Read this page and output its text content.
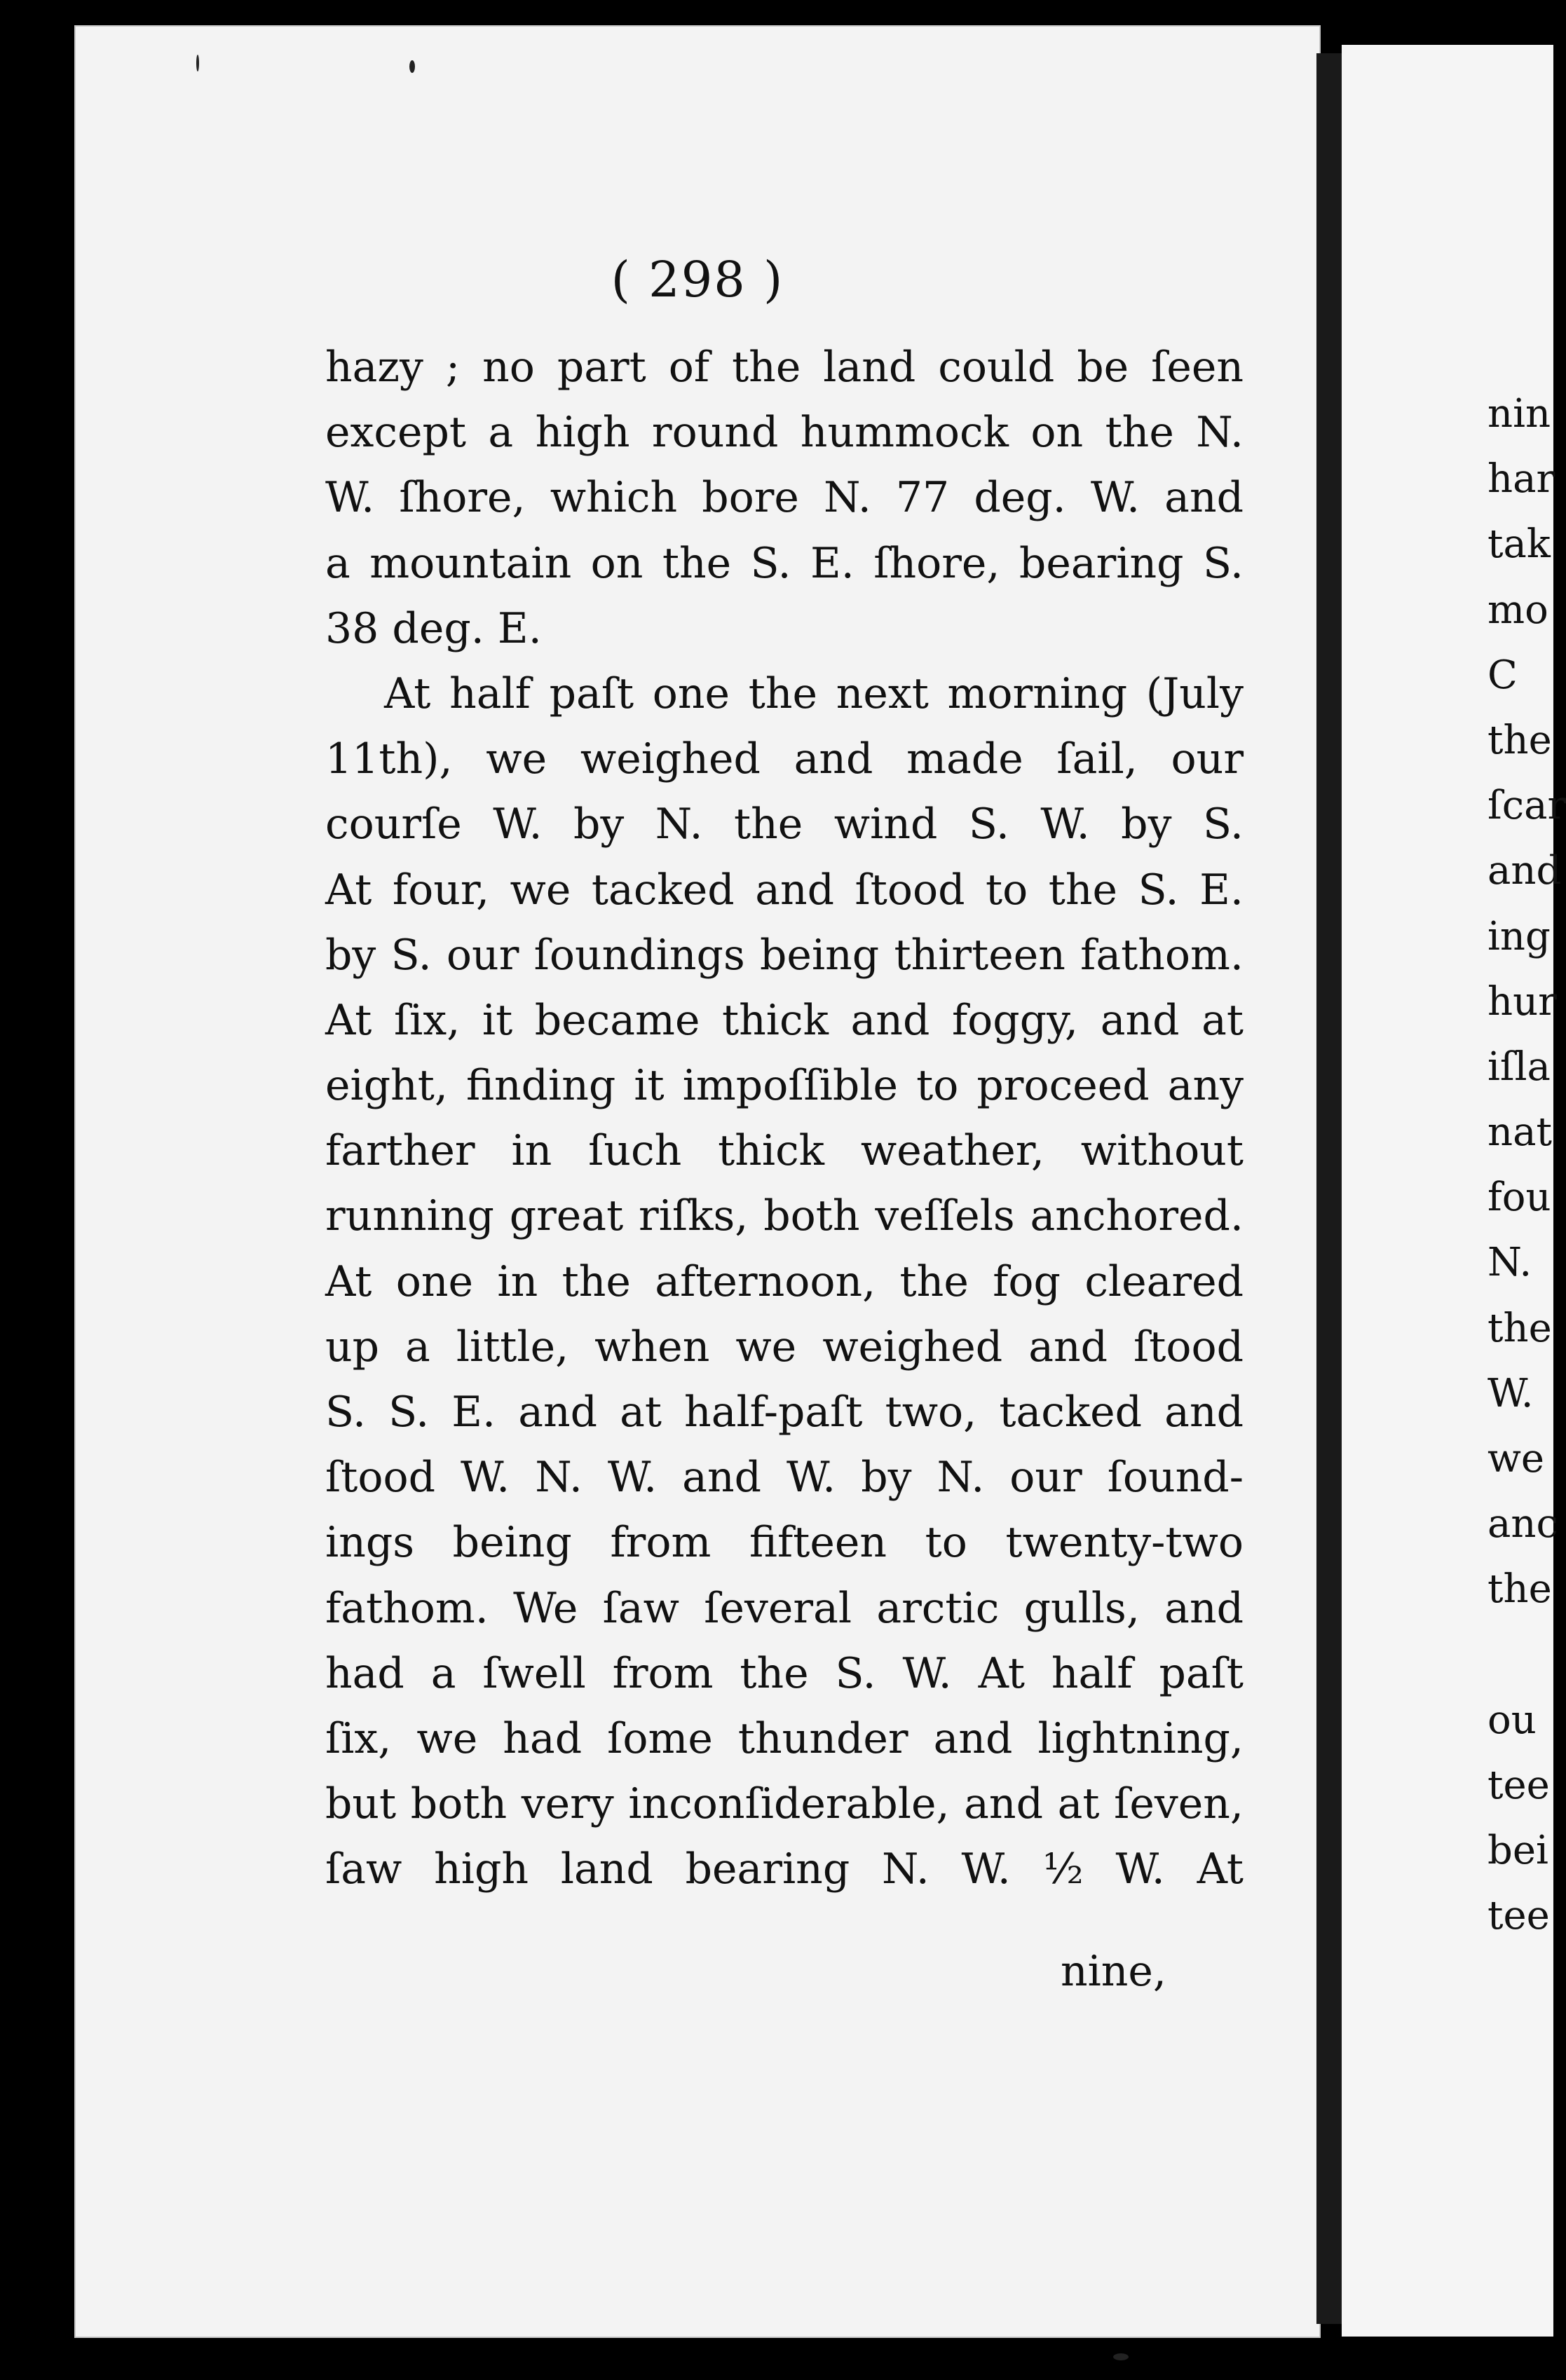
( 298 )
hazy ; no part of the land could be ſeen
except a high round hummock on the N.
W. ſhore, which bore N. 77 deg. W. and
a mountain on the S. E. ſhore, bearing S.
38 deg. E.
At half paſt one the next morning (July
11th), we weighed and made ſail, our
courſe W. by N. the wind S. W. by S.
At four, we tacked and ſtood to the S. E.
by S. our ſoundings being thirteen fathom.
At ſix, it became thick and foggy, and at
eight, finding it impoſſible to proceed any
farther in ſuch thick weather, without
running great riſks, both veſſels anchored.
At one in the afternoon, the fog cleared
up a little, when we weighed and ſtood
S. S. E. and at half-paſt two, tacked and
ſtood W. N. W. and W. by N. our ſound-
ings being from fifteen to twenty-two
fathom. We ſaw ſeveral arctic gulls, and
had a ſwell from the S. W. At half paſt
ſix, we had ſome thunder and lightning,
but both very inconſiderable, and at ſeven,
ſaw high land bearing N. W. ½ W. At
nine,
nin
har
tak
mo
C
the
ſcar
and
ing
hur
iſla
nat
fou
N.
the
W.
we
anc
the
ou
tee
bei
tee
